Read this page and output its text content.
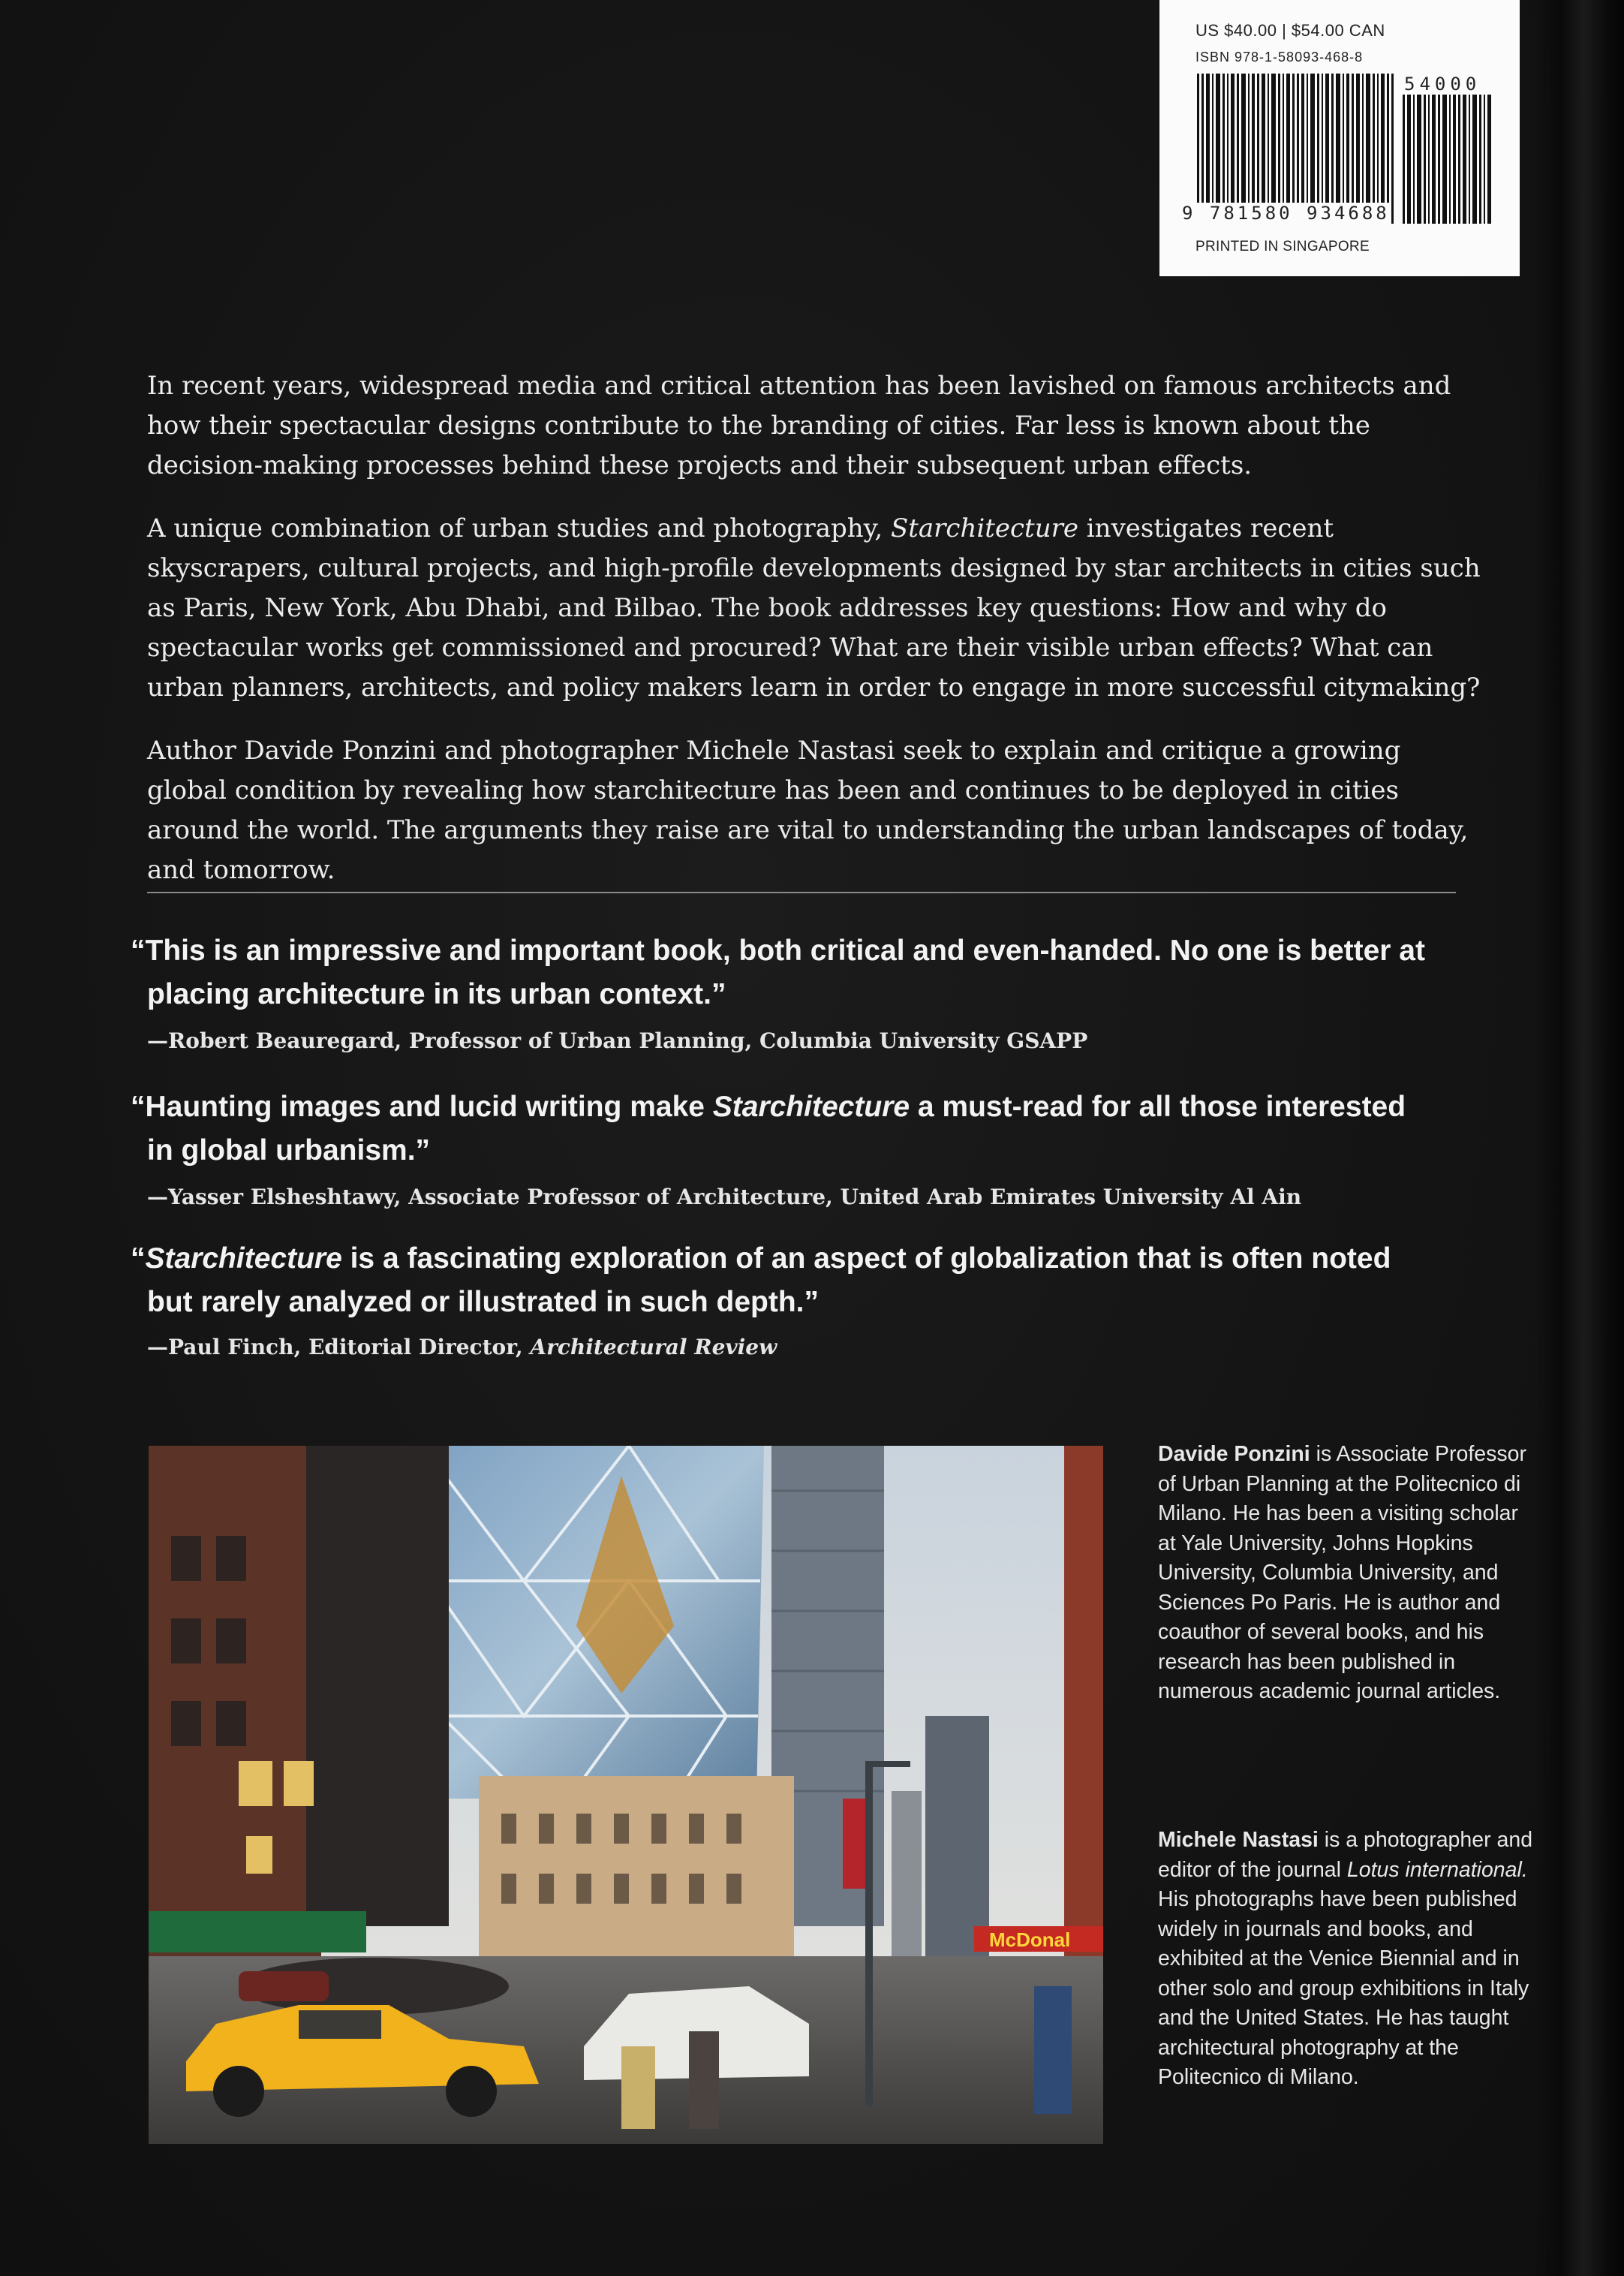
US $40.00 | $54.00 CAN
ISBN 978-1-58093-468-8
54000
9 781580 934688
PRINTED IN SINGAPORE

In recent years, widespread media and critical attention has been lavished on famous architects and how their spectacular designs contribute to the branding of cities. Far less is known about the decision-making processes behind these projects and their subsequent urban effects.

A unique combination of urban studies and photography, Starchitecture investigates recent skyscrapers, cultural projects, and high-profile developments designed by star architects in cities such as Paris, New York, Abu Dhabi, and Bilbao. The book addresses key questions: How and why do spectacular works get commissioned and procured? What are their visible urban effects? What can urban planners, architects, and policy makers learn in order to engage in more successful citymaking?

Author Davide Ponzini and photographer Michele Nastasi seek to explain and critique a growing global condition by revealing how starchitecture has been and continues to be deployed in cities around the world. The arguments they raise are vital to understanding the urban landscapes of today, and tomorrow.

“This is an impressive and important book, both critical and even-handed. No one is better at
placing architecture in its urban context.”
—Robert Beauregard, Professor of Urban Planning, Columbia University GSAPP
“Haunting images and lucid writing make Starchitecture a must-read for all those interested
in global urbanism.”
—Yasser Elsheshtawy, Associate Professor of Architecture, United Arab Emirates University Al Ain
“Starchitecture is a fascinating exploration of an aspect of globalization that is often noted
but rarely analyzed or illustrated in such depth.”
—Paul Finch, Editorial Director, Architectural Review
McDonal
Davide Ponzini is Associate Professor of Urban Planning at the Politecnico di Milano. He has been a visiting scholar at Yale University, Johns Hopkins University, Columbia University, and Sciences Po Paris. He is author and coauthor of several books, and his research has been published in numerous academic journal articles.
Michele Nastasi is a photographer and editor of the journal Lotus international. His photographs have been published widely in journals and books, and exhibited at the Venice Biennial and in other solo and group exhibitions in Italy and the United States. He has taught architectural photography at the Politecnico di Milano.
